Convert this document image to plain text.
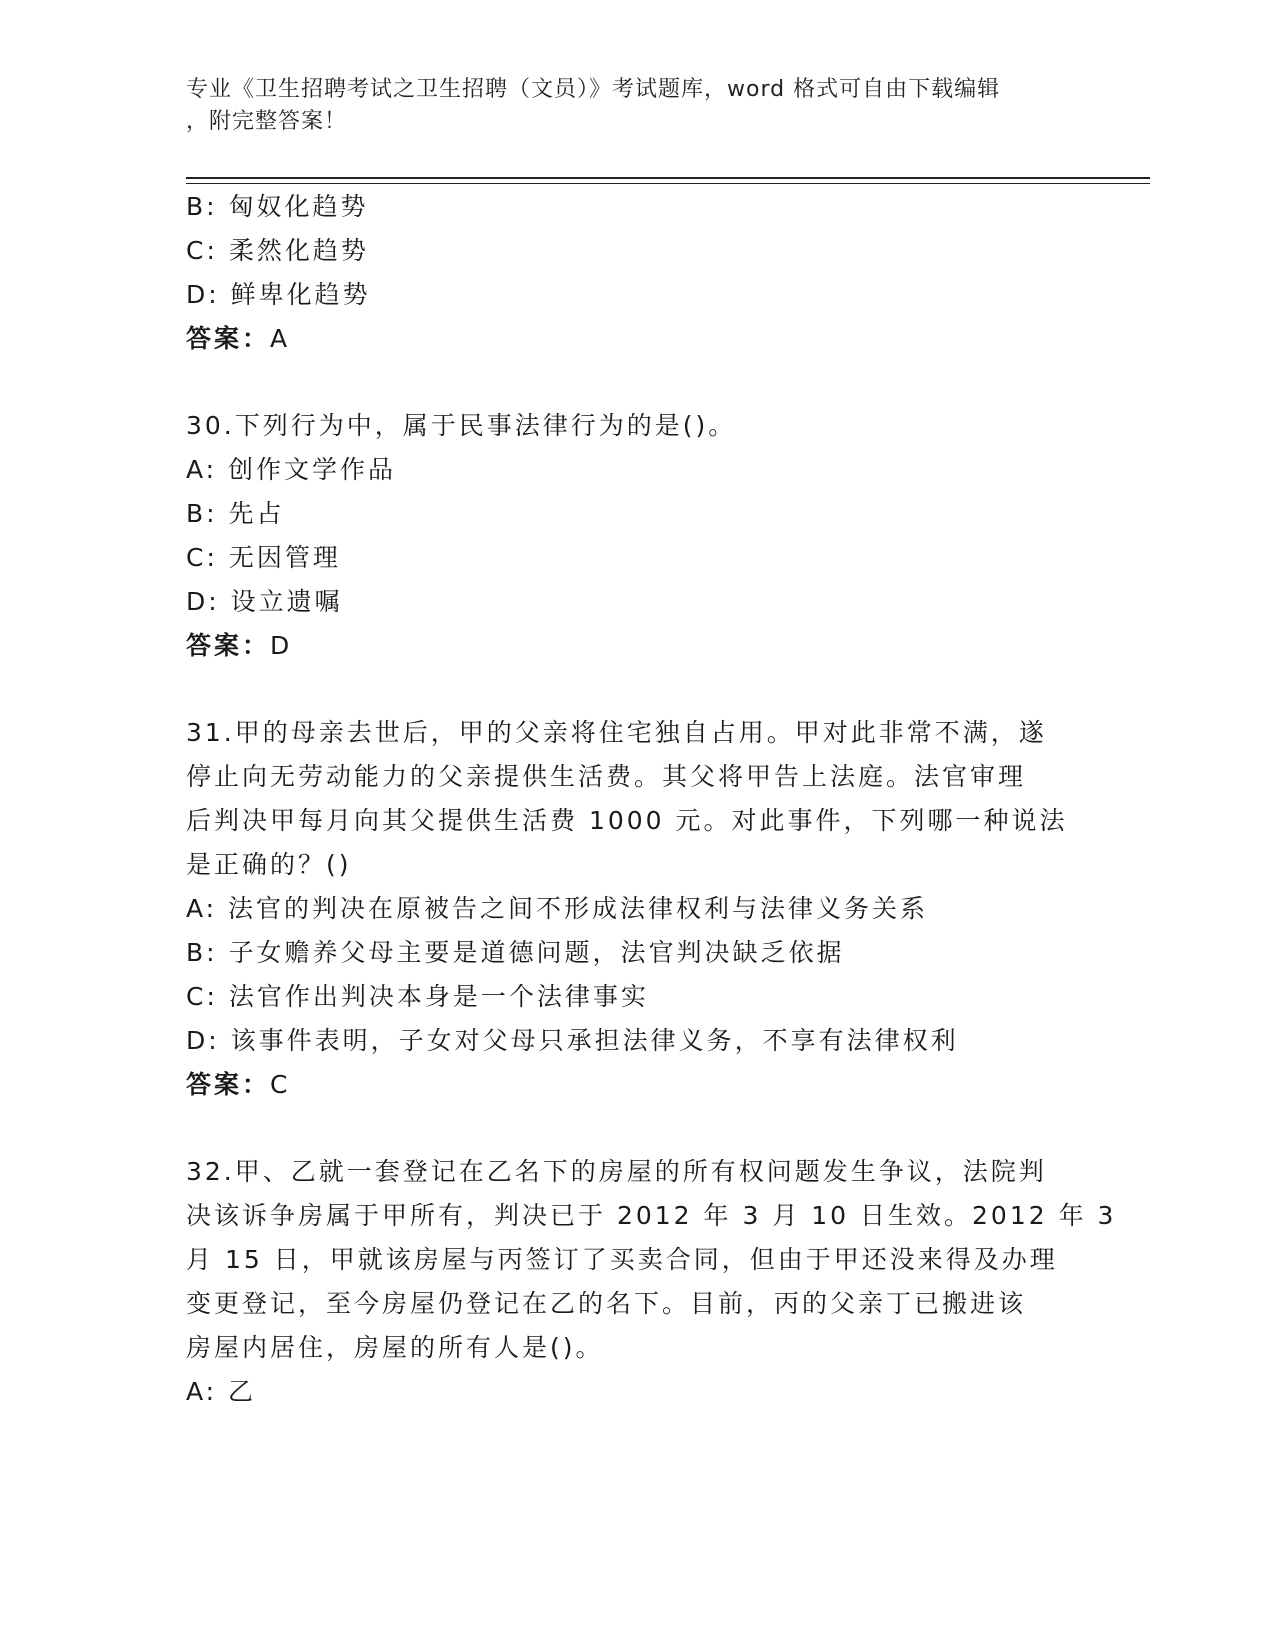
专业《卫生招聘考试之卫生招聘（文员）》考试题库，word 格式可自由下载编辑
，附完整答案！
B: 匈奴化趋势
C: 柔然化趋势
D: 鲜卑化趋势
答案：A
30.下列行为中，属于民事法律行为的是()。
A: 创作文学作品
B: 先占
C: 无因管理
D: 设立遗嘱
答案：D
31.甲的母亲去世后，甲的父亲将住宅独自占用。甲对此非常不满，遂
停止向无劳动能力的父亲提供生活费。其父将甲告上法庭。法官审理
后判决甲每月向其父提供生活费 1000 元。对此事件，下列哪一种说法
是正确的？()
A: 法官的判决在原被告之间不形成法律权利与法律义务关系
B: 子女赡养父母主要是道德问题，法官判决缺乏依据
C: 法官作出判决本身是一个法律事实
D: 该事件表明，子女对父母只承担法律义务，不享有法律权利
答案：C
32.甲、乙就一套登记在乙名下的房屋的所有权问题发生争议，法院判
决该诉争房属于甲所有，判决已于 2012 年 3 月 10 日生效。2012 年 3
月 15 日，甲就该房屋与丙签订了买卖合同，但由于甲还没来得及办理
变更登记，至今房屋仍登记在乙的名下。目前，丙的父亲丁已搬进该
房屋内居住，房屋的所有人是()。
A: 乙
